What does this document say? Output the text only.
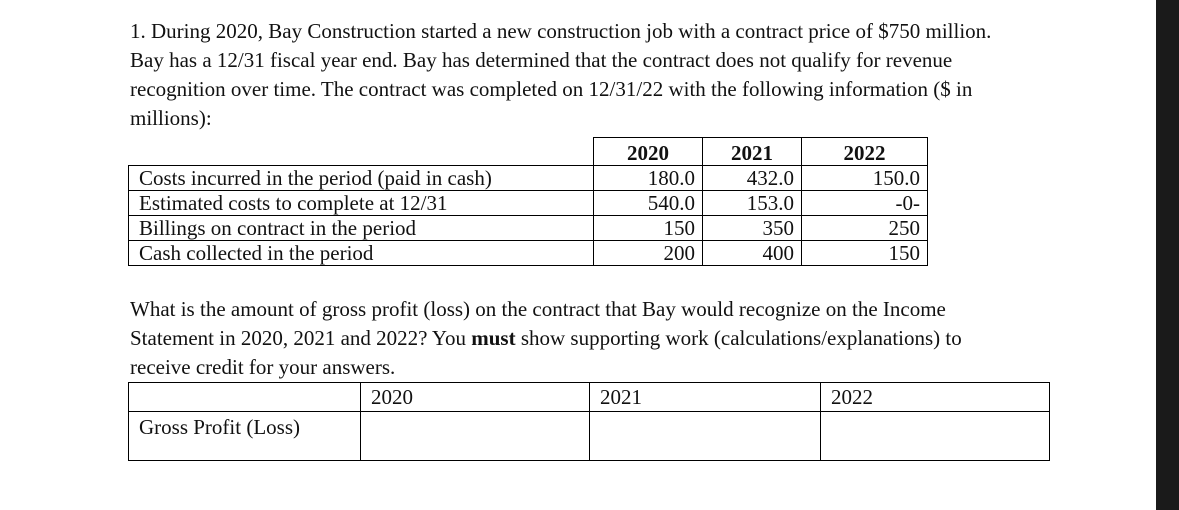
1. During 2020, Bay Construction started a new construction job with a contract price of $750 million.
Bay has a 12/31 fiscal year end. Bay has determined that the contract does not qualify for revenue
recognition over time. The contract was completed on 12/31/22 with the following information ($ in
millions):

	2020	2021	2022
Costs incurred in the period (paid in cash)	180.0	432.0	150.0
Estimated costs to complete at 12/31	540.0	153.0	-0-
Billings on contract in the period	150	350	250
Cash collected in the period	200	400	150

What is the amount of gross profit (loss) on the contract that Bay would recognize on the Income
Statement in 2020, 2021 and 2022? You must show supporting work (calculations/explanations) to
receive credit for your answers.

	2020	2021	2022
Gross Profit (Loss)			
